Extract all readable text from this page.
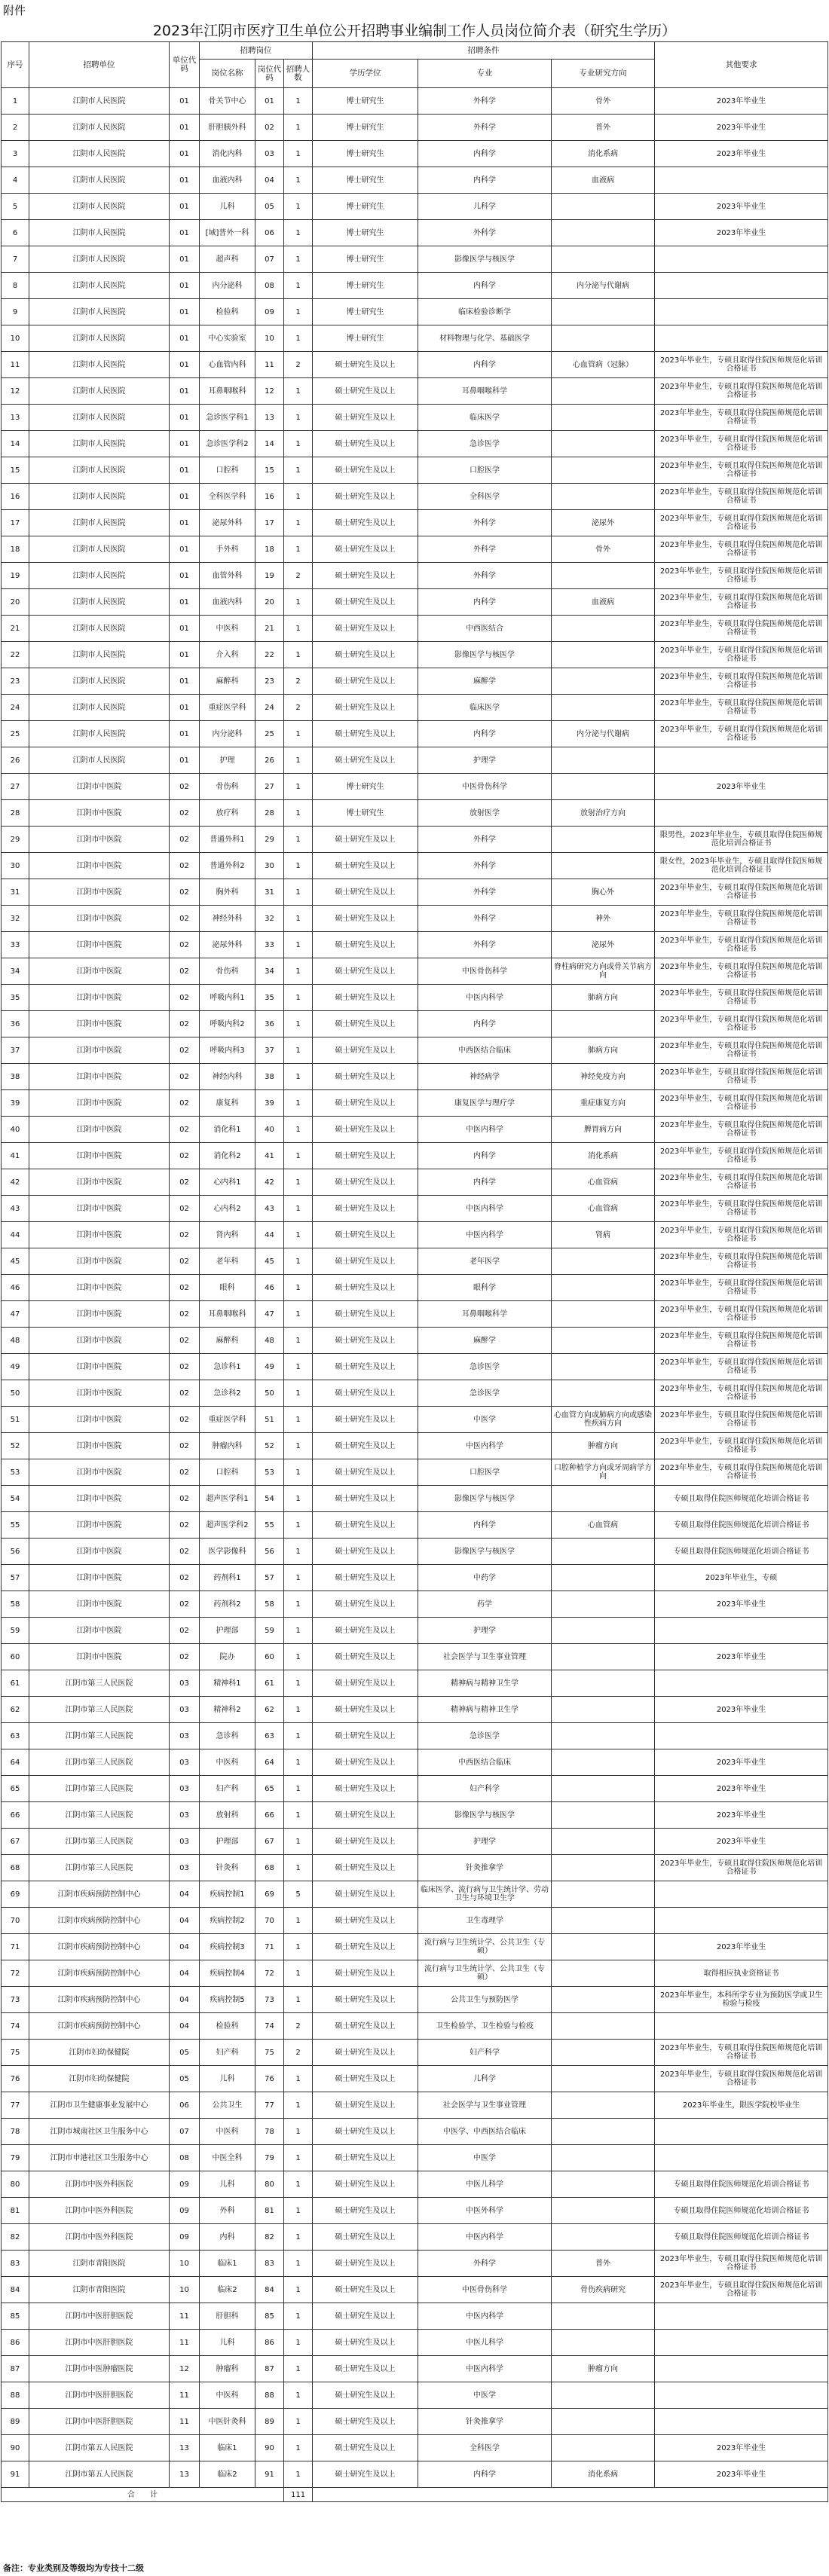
附件
2023年江阴市医疗卫生单位公开招聘事业编制工作人员岗位简介表（研究生学历）
序号	招聘单位	单位代码	招聘岗位			招聘条件			其他要求
			岗位名称	岗位代码	招聘人数	学历学位	专业	专业研究方向	
1	江阴市人民医院	01	骨关节中心	01	1	博士研究生	外科学	骨外	2023年毕业生
2	江阴市人民医院	01	肝胆胰外科	02	1	博士研究生	外科学	普外	2023年毕业生
3	江阴市人民医院	01	消化内科	03	1	博士研究生	内科学	消化系病	2023年毕业生
4	江阴市人民医院	01	血液内科	04	1	博士研究生	内科学	血液病	
5	江阴市人民医院	01	儿科	05	1	博士研究生	儿科学		2023年毕业生
6	江阴市人民医院	01	[域]普外一科	06	1	博士研究生	外科学		2023年毕业生
7	江阴市人民医院	01	超声科	07	1	博士研究生	影像医学与核医学		
8	江阴市人民医院	01	内分泌科	08	1	博士研究生	内科学	内分泌与代谢病	
9	江阴市人民医院	01	检验科	09	1	博士研究生	临床检验诊断学		
10	江阴市人民医院	01	中心实验室	10	1	博士研究生	材料物理与化学、基础医学		
11	江阴市人民医院	01	心血管内科	11	2	硕士研究生及以上	内科学	心血管病（冠脉）	2023年毕业生，专硕且取得住院医师规范化培训合格证书
12	江阴市人民医院	01	耳鼻咽喉科	12	1	硕士研究生及以上	耳鼻咽喉科学		2023年毕业生，专硕且取得住院医师规范化培训合格证书
13	江阴市人民医院	01	急诊医学科1	13	1	硕士研究生及以上	临床医学		2023年毕业生，专硕且取得住院医师规范化培训合格证书
14	江阴市人民医院	01	急诊医学科2	14	1	硕士研究生及以上	急诊医学		2023年毕业生，专硕且取得住院医师规范化培训合格证书
15	江阴市人民医院	01	口腔科	15	1	硕士研究生及以上	口腔医学		2023年毕业生，专硕且取得住院医师规范化培训合格证书
16	江阴市人民医院	01	全科医学科	16	1	硕士研究生及以上	全科医学		2023年毕业生，专硕且取得住院医师规范化培训合格证书
17	江阴市人民医院	01	泌尿外科	17	1	硕士研究生及以上	外科学	泌尿外	2023年毕业生，专硕且取得住院医师规范化培训合格证书
18	江阴市人民医院	01	手外科	18	1	硕士研究生及以上	外科学	骨外	2023年毕业生，专硕且取得住院医师规范化培训合格证书
19	江阴市人民医院	01	血管外科	19	2	硕士研究生及以上	外科学		2023年毕业生，专硕且取得住院医师规范化培训合格证书
20	江阴市人民医院	01	血液内科	20	1	硕士研究生及以上	内科学	血液病	2023年毕业生，专硕且取得住院医师规范化培训合格证书
21	江阴市人民医院	01	中医科	21	1	硕士研究生及以上	中西医结合		2023年毕业生，专硕且取得住院医师规范化培训合格证书
22	江阴市人民医院	01	介入科	22	1	硕士研究生及以上	影像医学与核医学		2023年毕业生，专硕且取得住院医师规范化培训合格证书
23	江阴市人民医院	01	麻醉科	23	2	硕士研究生及以上	麻醉学		2023年毕业生，专硕且取得住院医师规范化培训合格证书
24	江阴市人民医院	01	重症医学科	24	2	硕士研究生及以上	临床医学		2023年毕业生，专硕且取得住院医师规范化培训合格证书
25	江阴市人民医院	01	内分泌科	25	1	硕士研究生及以上	内科学	内分泌与代谢病	2023年毕业生，专硕且取得住院医师规范化培训合格证书
26	江阴市人民医院	01	护理	26	1	硕士研究生及以上	护理学		
27	江阴市中医院	02	骨伤科	27	1	博士研究生	中医骨伤科学		2023年毕业生
28	江阴市中医院	02	放疗科	28	1	博士研究生	放射医学	放射治疗方向	
29	江阴市中医院	02	普通外科1	29	1	硕士研究生及以上	外科学		限男性，2023年毕业生，专硕且取得住院医师规范化培训合格证书
30	江阴市中医院	02	普通外科2	30	1	硕士研究生及以上	外科学		限女性，2023年毕业生，专硕且取得住院医师规范化培训合格证书
31	江阴市中医院	02	胸外科	31	1	硕士研究生及以上	外科学	胸心外	2023年毕业生，专硕且取得住院医师规范化培训合格证书
32	江阴市中医院	02	神经外科	32	1	硕士研究生及以上	外科学	神外	2023年毕业生，专硕且取得住院医师规范化培训合格证书
33	江阴市中医院	02	泌尿外科	33	1	硕士研究生及以上	外科学	泌尿外	2023年毕业生，专硕且取得住院医师规范化培训合格证书
34	江阴市中医院	02	骨伤科	34	1	硕士研究生及以上	中医骨伤科学	脊柱病研究方向或骨关节病方向	2023年毕业生，专硕且取得住院医师规范化培训合格证书
35	江阴市中医院	02	呼吸内科1	35	1	硕士研究生及以上	中医内科学	肺病方向	2023年毕业生，专硕且取得住院医师规范化培训合格证书
36	江阴市中医院	02	呼吸内科2	36	1	硕士研究生及以上	内科学		2023年毕业生，专硕且取得住院医师规范化培训合格证书
37	江阴市中医院	02	呼吸内科3	37	1	硕士研究生及以上	中西医结合临床	肺病方向	2023年毕业生，专硕且取得住院医师规范化培训合格证书
38	江阴市中医院	02	神经内科	38	1	硕士研究生及以上	神经病学	神经免疫方向	2023年毕业生，专硕且取得住院医师规范化培训合格证书
39	江阴市中医院	02	康复科	39	1	硕士研究生及以上	康复医学与理疗学	重症康复方向	2023年毕业生，专硕且取得住院医师规范化培训合格证书
40	江阴市中医院	02	消化科1	40	1	硕士研究生及以上	中医内科学	脾胃病方向	2023年毕业生，专硕且取得住院医师规范化培训合格证书
41	江阴市中医院	02	消化科2	41	1	硕士研究生及以上	内科学	消化系病	2023年毕业生，专硕且取得住院医师规范化培训合格证书
42	江阴市中医院	02	心内科1	42	1	硕士研究生及以上	内科学	心血管病	2023年毕业生，专硕且取得住院医师规范化培训合格证书
43	江阴市中医院	02	心内科2	43	1	硕士研究生及以上	中医内科学	心血管病	2023年毕业生，专硕且取得住院医师规范化培训合格证书
44	江阴市中医院	02	肾内科	44	1	硕士研究生及以上	中医内科学	肾病	2023年毕业生，专硕且取得住院医师规范化培训合格证书
45	江阴市中医院	02	老年科	45	1	硕士研究生及以上	老年医学		2023年毕业生，专硕且取得住院医师规范化培训合格证书
46	江阴市中医院	02	眼科	46	1	硕士研究生及以上	眼科学		2023年毕业生，专硕且取得住院医师规范化培训合格证书
47	江阴市中医院	02	耳鼻咽喉科	47	1	硕士研究生及以上	耳鼻咽喉科学		2023年毕业生，专硕且取得住院医师规范化培训合格证书
48	江阴市中医院	02	麻醉科	48	1	硕士研究生及以上	麻醉学		2023年毕业生，专硕且取得住院医师规范化培训合格证书
49	江阴市中医院	02	急诊科1	49	1	硕士研究生及以上	急诊医学		2023年毕业生，专硕且取得住院医师规范化培训合格证书
50	江阴市中医院	02	急诊科2	50	1	硕士研究生及以上	急诊医学		2023年毕业生，专硕且取得住院医师规范化培训合格证书
51	江阴市中医院	02	重症医学科	51	1	硕士研究生及以上	中医学	心血管方向或肺病方向或感染性疾病方向	2023年毕业生，专硕且取得住院医师规范化培训合格证书
52	江阴市中医院	02	肿瘤内科	52	1	硕士研究生及以上	中医内科学	肿瘤方向	2023年毕业生，专硕且取得住院医师规范化培训合格证书
53	江阴市中医院	02	口腔科	53	1	硕士研究生及以上	口腔医学	口腔种植学方向或牙周病学方向	2023年毕业生，专硕且取得住院医师规范化培训合格证书
54	江阴市中医院	02	超声医学科1	54	1	硕士研究生及以上	影像医学与核医学		专硕且取得住院医师规范化培训合格证书
55	江阴市中医院	02	超声医学科2	55	1	硕士研究生及以上	内科学	心血管病	专硕且取得住院医师规范化培训合格证书
56	江阴市中医院	02	医学影像科	56	1	硕士研究生及以上	影像医学与核医学		专硕且取得住院医师规范化培训合格证书
57	江阴市中医院	02	药剂科1	57	1	硕士研究生及以上	中药学		2023年毕业生，专硕
58	江阴市中医院	02	药剂科2	58	1	硕士研究生及以上	药学		2023年毕业生
59	江阴市中医院	02	护理部	59	1	硕士研究生及以上	护理学		
60	江阴市中医院	02	院办	60	1	硕士研究生及以上	社会医学与卫生事业管理		2023年毕业生
61	江阴市第三人民医院	03	精神科1	61	1	硕士研究生及以上	精神病与精神卫生学		
62	江阴市第三人民医院	03	精神科2	62	1	硕士研究生及以上	精神病与精神卫生学		2023年毕业生
63	江阴市第三人民医院	03	急诊科	63	1	硕士研究生及以上	急诊医学		
64	江阴市第三人民医院	03	中医科	64	1	硕士研究生及以上	中西医结合临床		2023年毕业生
65	江阴市第三人民医院	03	妇产科	65	1	硕士研究生及以上	妇产科学		2023年毕业生
66	江阴市第三人民医院	03	放射科	66	1	硕士研究生及以上	影像医学与核医学		2023年毕业生
67	江阴市第三人民医院	03	护理部	67	1	硕士研究生及以上	护理学		2023年毕业生
68	江阴市第三人民医院	03	针灸科	68	1	硕士研究生及以上	针灸推拿学		2023年毕业生，专硕且取得住院医师规范化培训合格证书
69	江阴市疾病预防控制中心	04	疾病控制1	69	5	硕士研究生及以上	临床医学、流行病与卫生统计学、劳动卫生与环境卫生学		
70	江阴市疾病预防控制中心	04	疾病控制2	70	1	硕士研究生及以上	卫生毒理学		
71	江阴市疾病预防控制中心	04	疾病控制3	71	1	硕士研究生及以上	流行病与卫生统计学、公共卫生（专硕）		2023年毕业生
72	江阴市疾病预防控制中心	04	疾病控制4	72	1	硕士研究生及以上	流行病与卫生统计学、公共卫生（专硕）		取得相应执业资格证书
73	江阴市疾病预防控制中心	04	疾病控制5	73	1	硕士研究生及以上	公共卫生与预防医学		2023年毕业生，本科所学专业为预防医学或卫生检验与检疫
74	江阴市疾病预防控制中心	04	检验科	74	2	硕士研究生及以上	卫生检验学、卫生检验与检疫		
75	江阴市妇幼保健院	05	妇产科	75	2	硕士研究生及以上	妇产科学		2023年毕业生，专硕且取得住院医师规范化培训合格证书
76	江阴市妇幼保健院	05	儿科	76	1	硕士研究生及以上	儿科学		2023年毕业生，专硕且取得住院医师规范化培训合格证书
77	江阴市卫生健康事业发展中心	06	公共卫生	77	1	硕士研究生及以上	社会医学与卫生事业管理		2023年毕业生，限医学院校毕业生
78	江阴市城南社区卫生服务中心	07	中医科	78	1	硕士研究生及以上	中医学、中西医结合临床		
79	江阴市申港社区卫生服务中心	08	中医全科	79	1	硕士研究生及以上	中医学		
80	江阴市中医外科医院	09	儿科	80	1	硕士研究生及以上	中医儿科学		专硕且取得住院医师规范化培训合格证书
81	江阴市中医外科医院	09	外科	81	1	硕士研究生及以上	中医外科学		专硕且取得住院医师规范化培训合格证书
82	江阴市中医外科医院	09	内科	82	1	硕士研究生及以上	中医内科学		专硕且取得住院医师规范化培训合格证书
83	江阴市青阳医院	10	临床1	83	1	硕士研究生及以上	外科学	普外	2023年毕业生，专硕且取得住院医师规范化培训合格证书
84	江阴市青阳医院	10	临床2	84	1	硕士研究生及以上	中医骨伤科学	骨伤疾病研究	2023年毕业生，专硕且取得住院医师规范化培训合格证书
85	江阴市中医肝胆医院	11	肝胆科	85	1	硕士研究生及以上	中医内科学		
86	江阴市中医肝胆医院	11	儿科	86	1	硕士研究生及以上	中医儿科学		
87	江阴市中医肿瘤医院	12	肿瘤科	87	1	硕士研究生及以上	中医内科学	肿瘤方向	
88	江阴市中医肝胆医院	11	中医科	88	1	硕士研究生及以上	中医学		
89	江阴市中医肝胆医院	11	中医针灸科	89	1	硕士研究生及以上	针灸推拿学		
90	江阴市第五人民医院	13	临床1	90	1	硕士研究生及以上	全科医学		2023年毕业生
91	江阴市第五人民医院	13	临床2	91	1	硕士研究生及以上	内科学	消化系病	2023年毕业生
合　　计					111				
备注：专业类别及等级均为专技十二级
